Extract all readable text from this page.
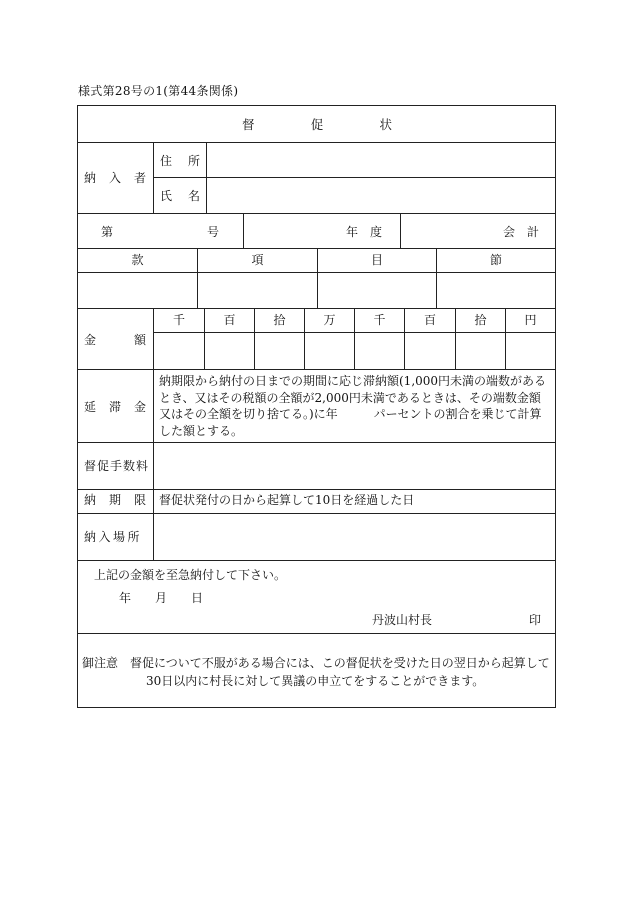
様式第28号の1(第44条関係)
督	促	状
納 入 者
住 所
氏 名
第	号	年 度	会 計
款	項	目	節
金	額
千	百	拾	万	千	百	拾	円
延 滞 金
納期限から納付の日までの期間に応じ滞納額(1,000円未満の端数があるとき、又はその税額の全額が2,000円未満であるときは、その端数金額又はその全額を切り捨てる。)に年　　　パーセントの割合を乗じて計算した額とする。
督促手数料
納 期 限 督促状発付の日から起算して10日を経過した日
納入場所
上記の金額を至急納付して下さい。
年 月 日
丹波山村長	印
御注意 督促について不服がある場合には、この督促状を受けた日の翌日から起算して
30日以内に村長に対して異議の申立てをすることができます。
